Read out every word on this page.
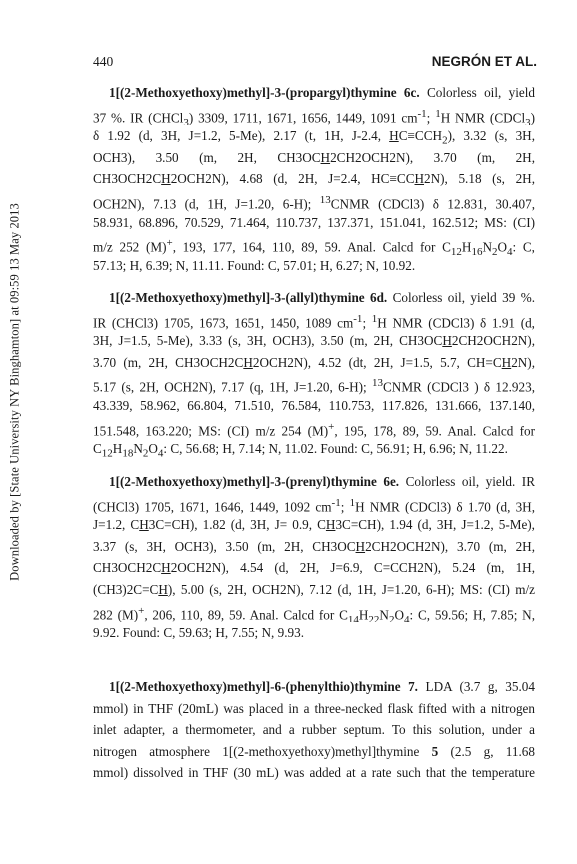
440	NEGRÓN ET AL.
Downloaded by [State University NY Binghamton] at 09:59 13 May 2013
1[(2-Methoxyethoxy)methyl]-3-(propargyl)thymine 6c. Colorless oil, yield
37 %. IR (CHCl$_3$) 3309, 1711, 1671, 1656, 1449, 1091 $cm^{-1}$; $^1$H NMR (CDCl$_3$)
δ 1.92 (d, 3H, J=1.2, 5-Me), 2.17 (t, 1H, J-2.4, $HC\equiv CCH_2$), 3.32 (s, 3H,
OCH3), 3.50 (m, 2H, CH3OCH2CH2OCH2N), 3.70 (m, 2H,
CH3OCH2CH2OCH2N), 4.68 (d, 2H, J=2.4, HC≡CCH2N), 5.18 (s, 2H,
OCH2N), 7.13 (d, 1H, J=1.20, 6-H); $^{13}$CNMR (CDCl3) δ 12.831, 30.407,
58.931, 68.896, 70.529, 71.464, 110.737, 137.371, 151.041, 162.512; MS: (CI)
m/z 252 (M)+, 193, 177, 164, 110, 89, 59. Anal. Calcd for $C_{12}H_{16}N_2O_4$: C,
57.13; H, 6.39; N, 11.11. Found: C, 57.01; H, 6.27; N, 10.92.
1[(2-Methoxyethoxy)methyl]-3-(allyl)thymine 6d. Colorless oil, yield 39 %.
IR (CHCl3) 1705, 1673, 1651, 1450, 1089 $cm^{-1}$; $^1$H NMR (CDCl3) δ 1.91 (d,
3H, J=1.5, 5-Me), 3.33 (s, 3H, OCH3), 3.50 (m, 2H, CH3OCH2CH2OCH2N),
3.70 (m, 2H, CH3OCH2CH2OCH2N), 4.52 (dt, 2H, J=1.5, 5.7, CH=CH2N),
5.17 (s, 2H, OCH2N), 7.17 (q, 1H, J=1.20, 6-H); $^{13}$CNMR (CDCl3 ) δ 12.923,
43.339, 58.962, 66.804, 71.510, 76.584, 110.753, 117.826, 131.666, 137.140,
151.548, 163.220; MS: (CI) m/z 254 (M)+, 195, 178, 89, 59. Anal. Calcd for
$C_{12}H_{18}N_2O_4$: C, 56.68; H, 7.14; N, 11.02. Found: C, 56.91; H, 6.96; N, 11.22.
1[(2-Methoxyethoxy)methyl]-3-(prenyl)thymine 6e. Colorless oil, yield. IR
(CHCl3) 1705, 1671, 1646, 1449, 1092 $cm^{-1}$; $^1$H NMR (CDCl3) δ 1.70 (d, 3H,
J=1.2, CH3C=CH), 1.82 (d, 3H, J= 0.9, CH3C=CH), 1.94 (d, 3H, J=1.2, 5-Me),
3.37 (s, 3H, OCH3), 3.50 (m, 2H, CH3OCH2CH2OCH2N), 3.70 (m, 2H,
CH3OCH2CH2OCH2N), 4.54 (d, 2H, J=6.9, C=CCH2N), 5.24 (m, 1H,
(CH3)2C=CH), 5.00 (s, 2H, OCH2N), 7.12 (d, 1H, J=1.20, 6-H); MS: (CI) m/z
282 (M)+, 206, 110, 89, 59. Anal. Calcd for $C_{14}H_{22}N_2O_4$: C, 59.56; H, 7.85; N,
9.92. Found: C, 59.63; H, 7.55; N, 9.93.
1[(2-Methoxyethoxy)methyl]-6-(phenylthio)thymine 7. LDA (3.7 g, 35.04
mmol) in THF (20mL) was placed in a three-necked flask fifted with a nitrogen
inlet adapter, a thermometer, and a rubber septum. To this solution, under a
nitrogen atmosphere 1[(2-methoxyethoxy)methyl]thymine 5 (2.5 g, 11.68
mmol) dissolved in THF (30 mL) was added at a rate such that the temperature
